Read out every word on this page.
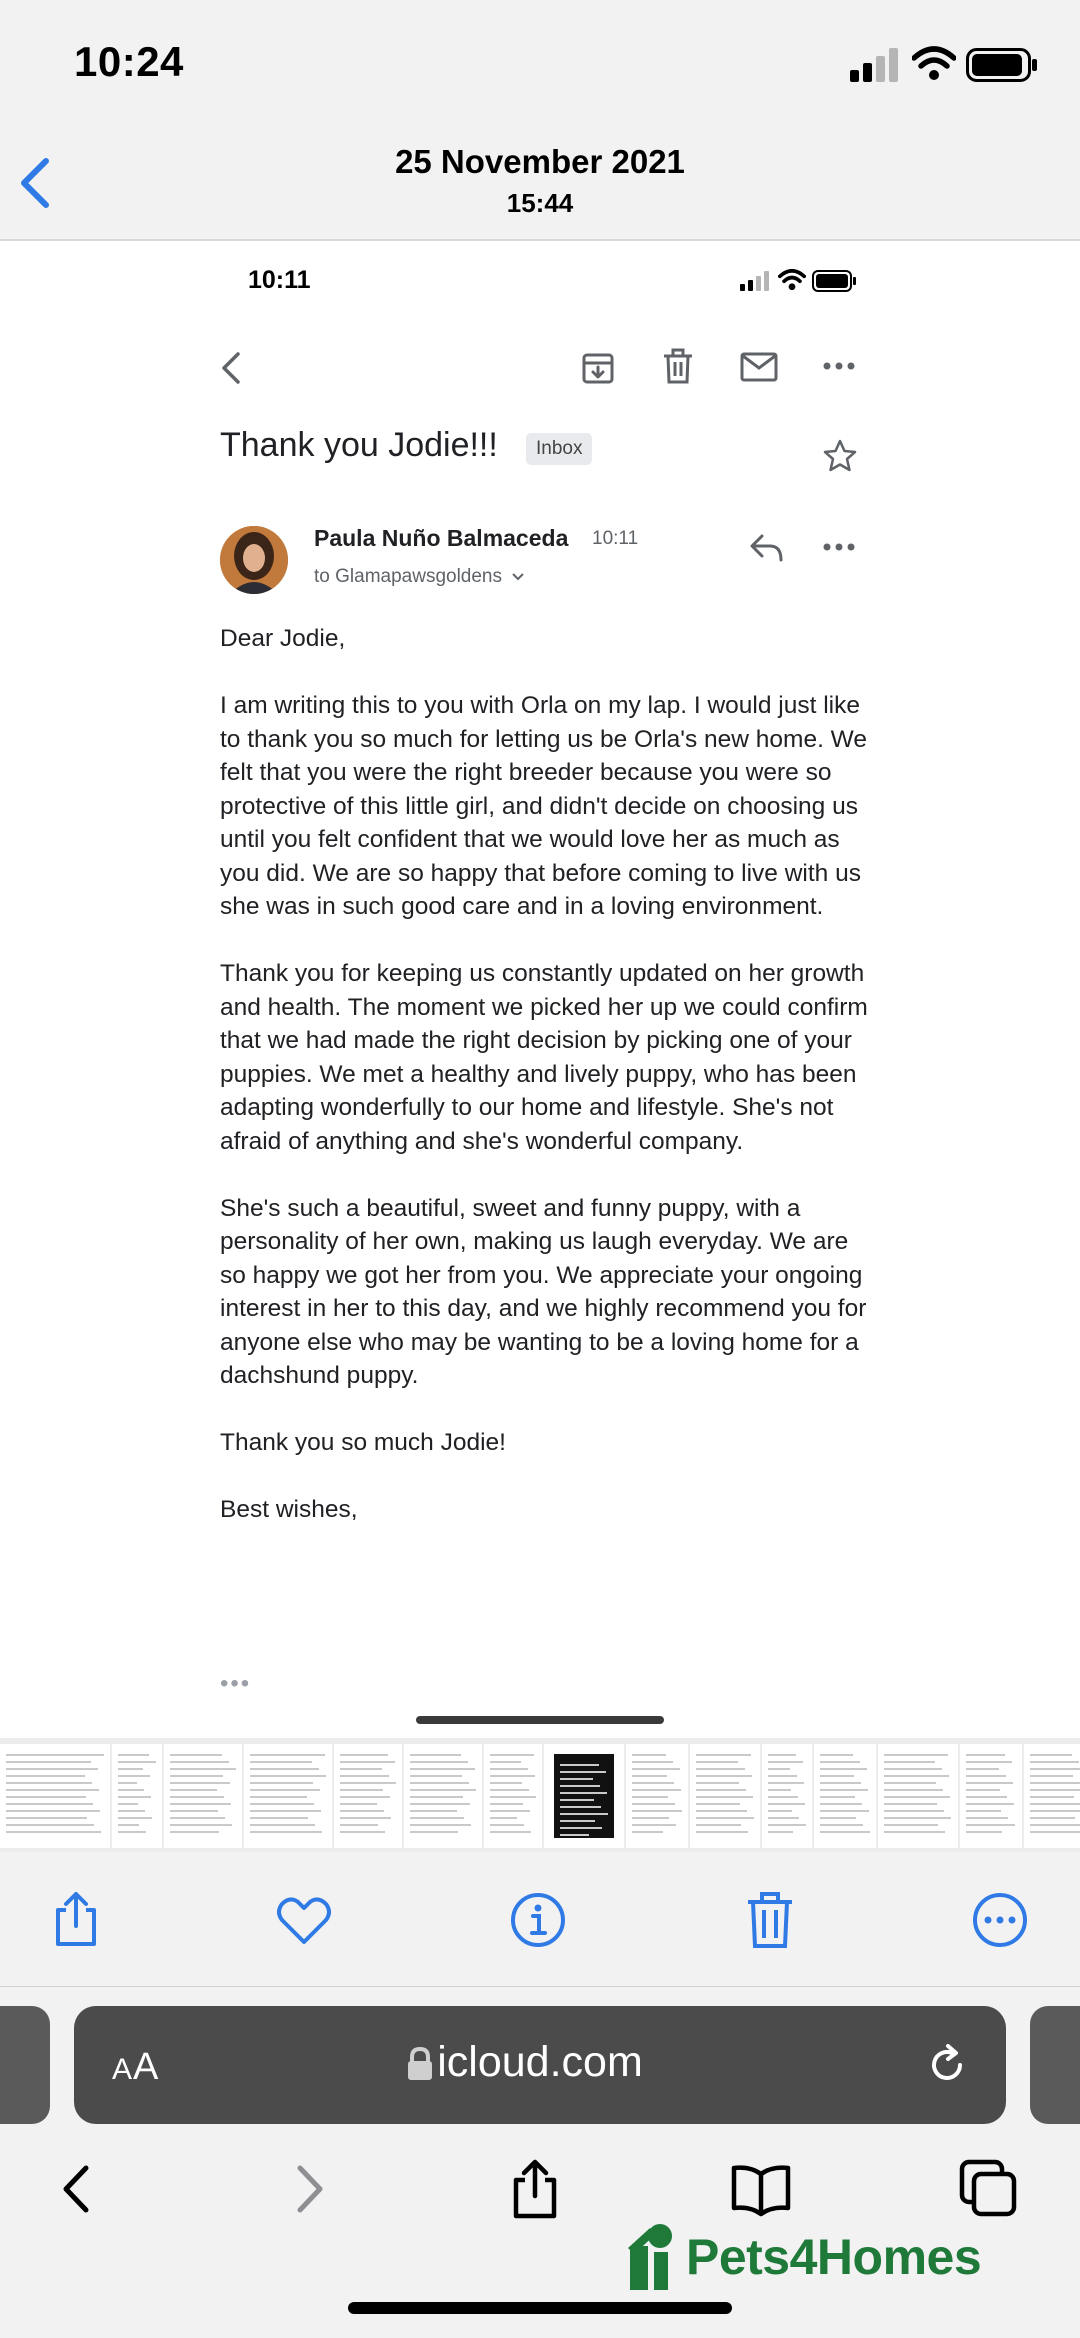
10:24
25 November 2021
15:44
10:11
Thank you Jodie!!!	Inbox
Paula Nuño Balmaceda 10:11
to Glamapawsgoldens

Dear Jodie,

I am writing this to you with Orla on my lap. I would just like to thank you so much for letting us be Orla's new home. We felt that you were the right breeder because you were so protective of this little girl, and didn't decide on choosing us until you felt confident that we would love her as much as you did. We are so happy that before coming to live with us she was in such good care and in a loving environment.

Thank you for keeping us constantly updated on her growth and health. The moment we picked her up we could confirm that we had made the right decision by picking one of your puppies. We met a healthy and lively puppy, who has been adapting wonderfully to our home and lifestyle. She's not afraid of anything and she's wonderful company.

She's such a beautiful, sweet and funny puppy, with a personality of her own, making us laugh everyday. We are so happy we got her from you. We appreciate your ongoing interest in her to this day, and we highly recommend you for anyone else who may be wanting to be a loving home for a dachshund puppy.

Thank you so much Jodie!

Best wishes,

•••
AA	icloud.com
Pets4Homes
